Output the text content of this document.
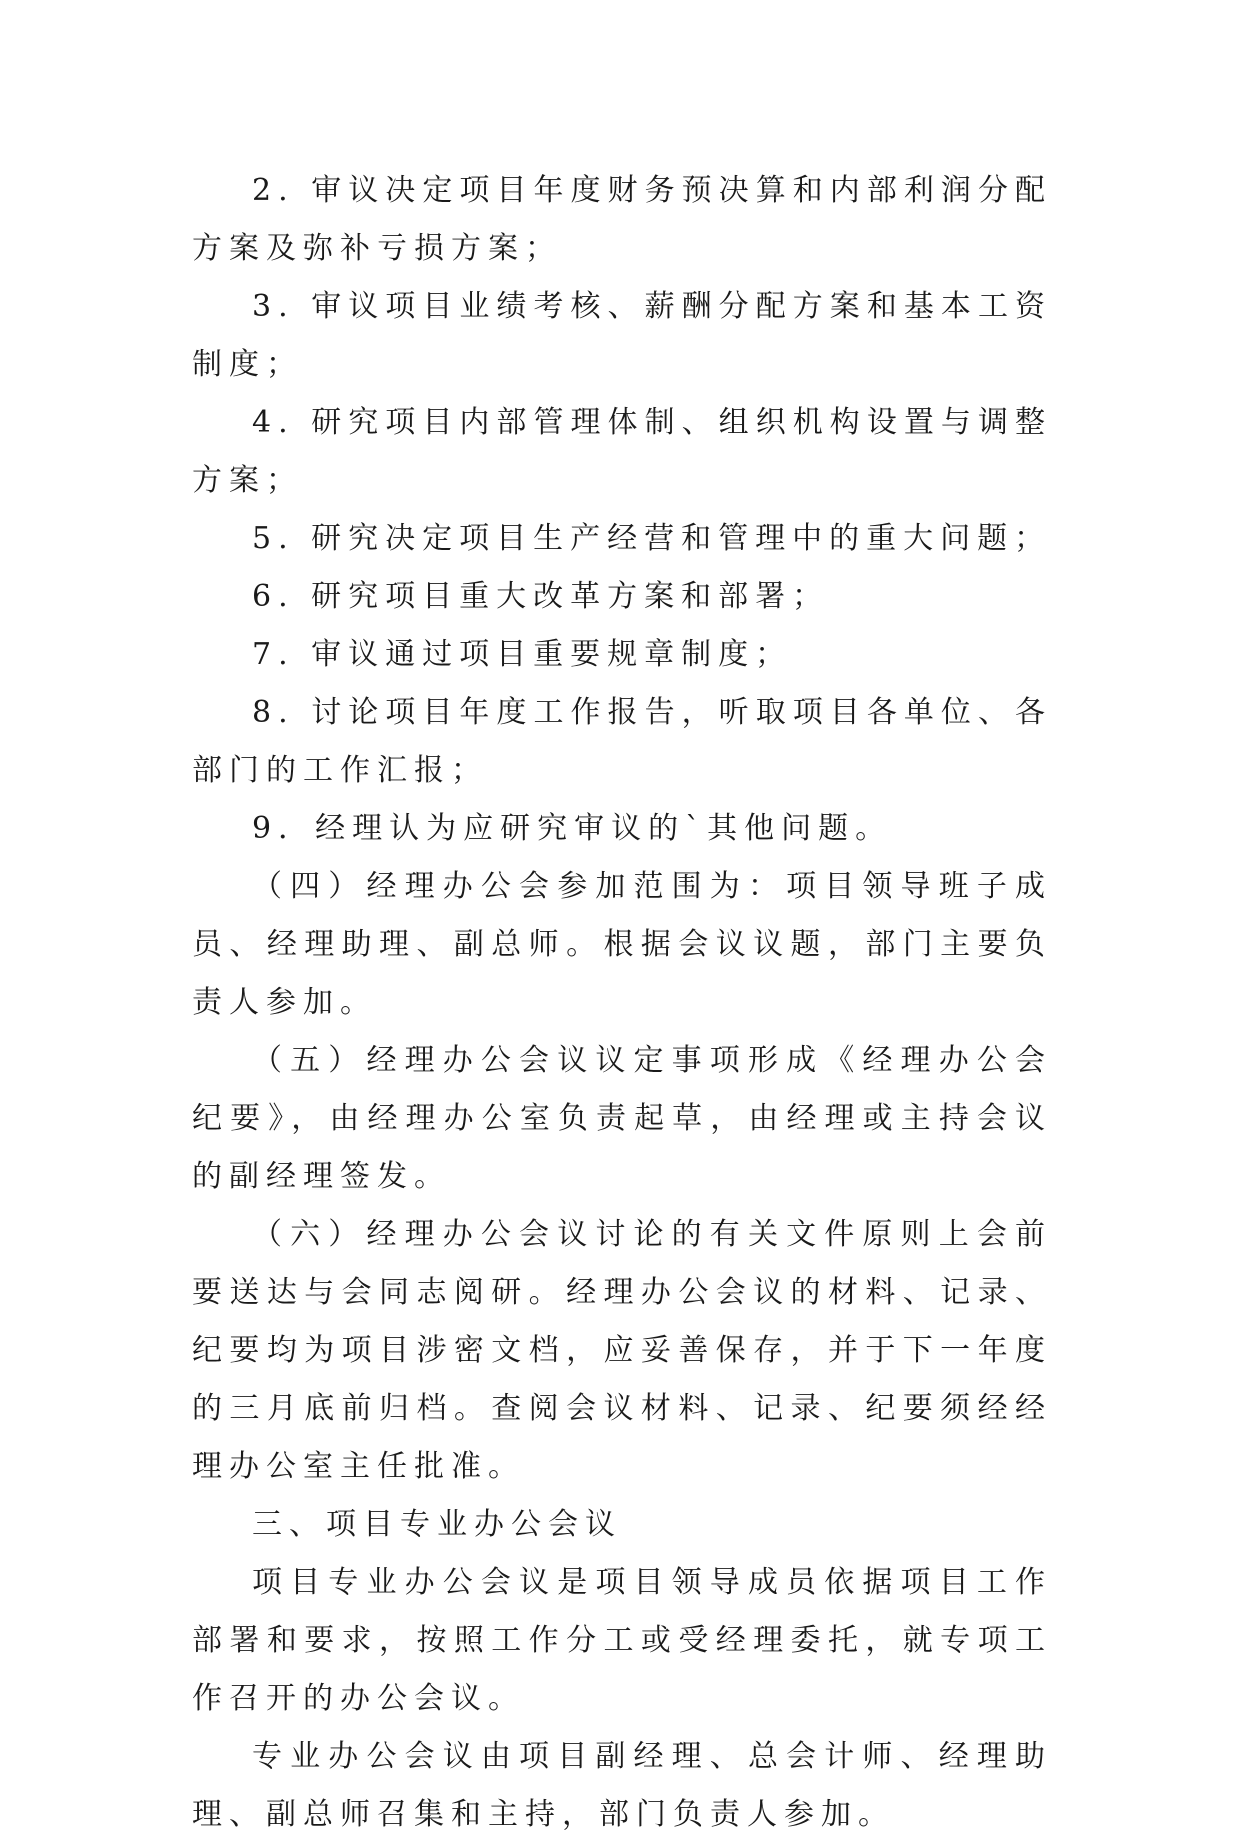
2. 审议决定项目年度财务预决算和内部利润分配方案及弥补亏损方案；

3. 审议项目业绩考核、薪酬分配方案和基本工资制度；

4. 研究项目内部管理体制、组织机构设置与调整方案；

5. 研究决定项目生产经营和管理中的重大问题；

6. 研究项目重大改革方案和部署；

7. 审议通过项目重要规章制度；

8. 讨论项目年度工作报告，听取项目各单位、各部门的工作汇报；

9．经理认为应研究审议的`其他问题。

（四）经理办公会参加范围为：项目领导班子成员、经理助理、副总师。根据会议议题，部门主要负责人参加。

（五）经理办公会议议定事项形成《经理办公会纪要》，由经理办公室负责起草，由经理或主持会议的副经理签发。

（六）经理办公会议讨论的有关文件原则上会前要送达与会同志阅研。经理办公会议的材料、记录、纪要均为项目涉密文档，应妥善保存，并于下一年度的三月底前归档。查阅会议材料、记录、纪要须经经理办公室主任批准。

三、项目专业办公会议

项目专业办公会议是项目领导成员依据项目工作部署和要求，按照工作分工或受经理委托，就专项工作召开的办公会议。

专业办公会议由项目副经理、总会计师、经理助理、副总师召集和主持，部门负责人参加。
